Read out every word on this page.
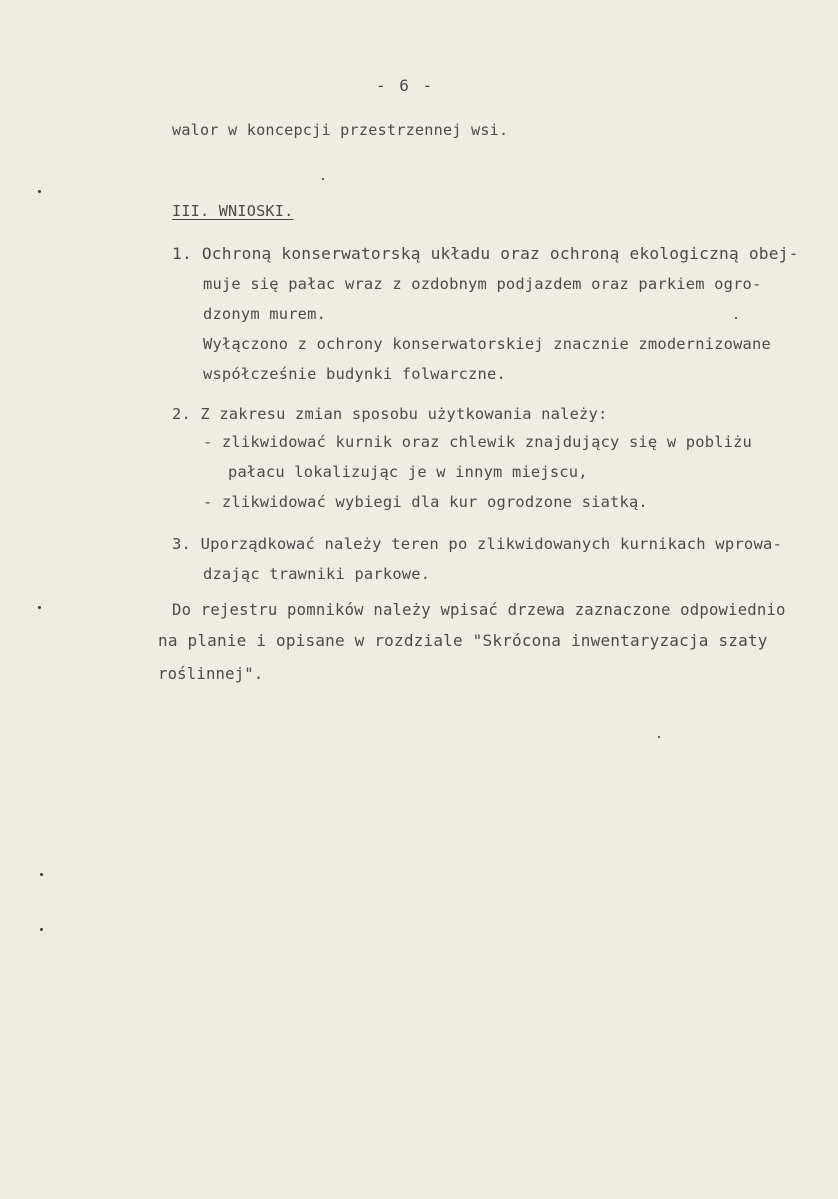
- 6 -
walor w koncepcji przestrzennej wsi.
III. WNIOSKI.
1. Ochroną konserwatorską układu oraz ochroną ekologiczną obej-
muje się pałac wraz z ozdobnym podjazdem oraz parkiem ogro-
dzonym murem.
Wyłączono z ochrony konserwatorskiej znacznie zmodernizowane
współcześnie budynki folwarczne.
2. Z zakresu zmian sposobu użytkowania należy:
- zlikwidować kurnik oraz chlewik znajdujący się w pobliżu
pałacu lokalizując je w innym miejscu,
- zlikwidować wybiegi dla kur ogrodzone siatką.
3. Uporządkować należy teren po zlikwidowanych kurnikach wprowa-
dzając trawniki parkowe.
Do rejestru pomników należy wpisać drzewa zaznaczone odpowiednio
na planie i opisane w rozdziale "Skrócona inwentaryzacja szaty
roślinnej".
